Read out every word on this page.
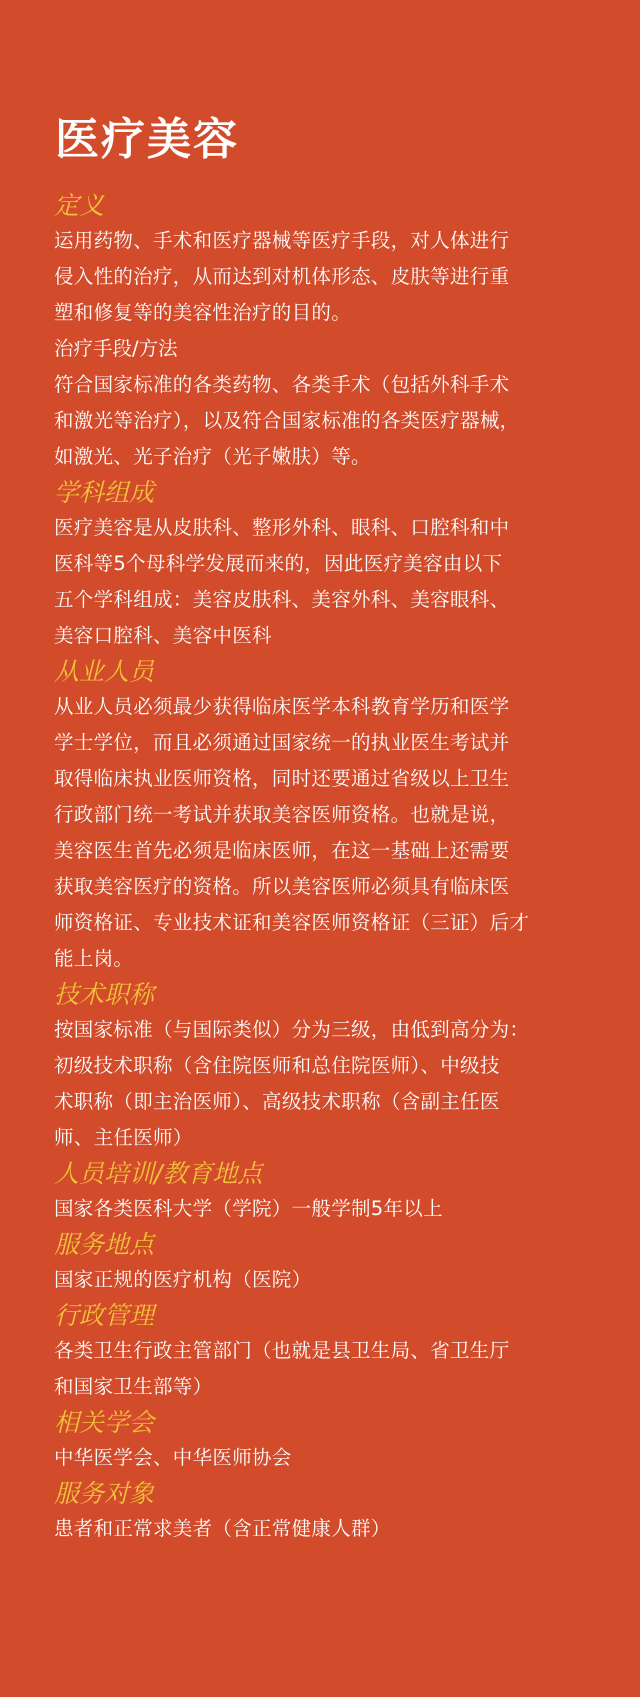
医疗美容
定义
运用药物、手术和医疗器械等医疗手段，对人体进行
侵入性的治疗，从而达到对机体形态、皮肤等进行重
塑和修复等的美容性治疗的目的。
治疗手段/方法
符合国家标准的各类药物、各类手术（包括外科手术
和激光等治疗），以及符合国家标准的各类医疗器械，
如激光、光子治疗（光子嫩肤）等。
学科组成
医疗美容是从皮肤科、整形外科、眼科、口腔科和中
医科等5个母科学发展而来的，因此医疗美容由以下
五个学科组成：美容皮肤科、美容外科、美容眼科、
美容口腔科、美容中医科
从业人员
从业人员必须最少获得临床医学本科教育学历和医学
学士学位，而且必须通过国家统一的执业医生考试并
取得临床执业医师资格，同时还要通过省级以上卫生
行政部门统一考试并获取美容医师资格。也就是说，
美容医生首先必须是临床医师，在这一基础上还需要
获取美容医疗的资格。所以美容医师必须具有临床医
师资格证、专业技术证和美容医师资格证（三证）后才
能上岗。
技术职称
按国家标准（与国际类似）分为三级，由低到高分为：
初级技术职称（含住院医师和总住院医师）、中级技
术职称（即主治医师）、高级技术职称（含副主任医
师、主任医师）
人员培训/教育地点
国家各类医科大学（学院）一般学制5年以上
服务地点
国家正规的医疗机构（医院）
行政管理
各类卫生行政主管部门（也就是县卫生局、省卫生厅
和国家卫生部等）
相关学会
中华医学会、中华医师协会
服务对象
患者和正常求美者（含正常健康人群）
